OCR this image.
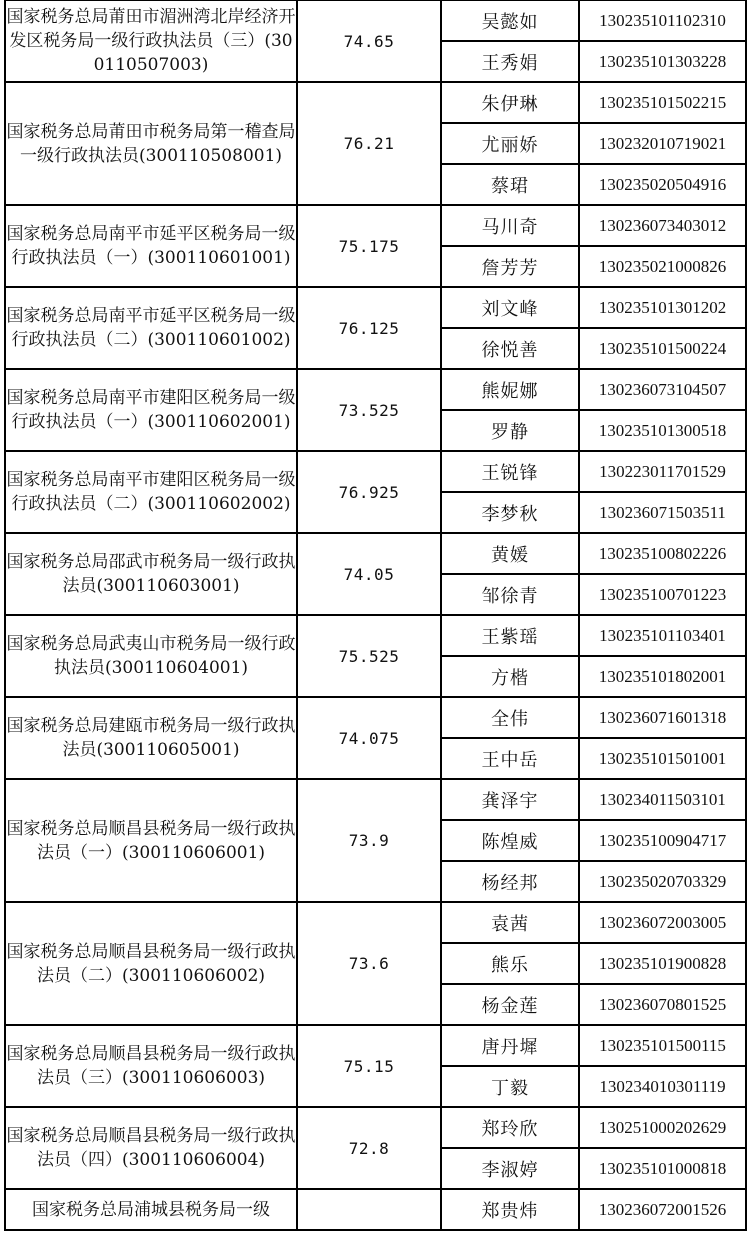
国家税务总局莆田市湄洲湾北岸经济开发区税务局一级行政执法员（三）(300110507003)	74.65	吴懿如	130235101102310
		王秀娟	130235101303228
国家税务总局莆田市税务局第一稽查局一级行政执法员(300110508001)	76.21	朱伊琳	130235101502215
		尤丽娇	130232010719021
		蔡珺	130235020504916
国家税务总局南平市延平区税务局一级行政执法员（一）(300110601001)	75.175	马川奇	130236073403012
		詹芳芳	130235021000826
国家税务总局南平市延平区税务局一级行政执法员（二）(300110601002)	76.125	刘文峰	130235101301202
		徐悦善	130235101500224
国家税务总局南平市建阳区税务局一级行政执法员（一）(300110602001)	73.525	熊妮娜	130236073104507
		罗静	130235101300518
国家税务总局南平市建阳区税务局一级行政执法员（二）(300110602002)	76.925	王锐锋	130223011701529
		李梦秋	130236071503511
国家税务总局邵武市税务局一级行政执法员(300110603001)	74.05	黄媛	130235100802226
		邹徐青	130235100701223
国家税务总局武夷山市税务局一级行政执法员(300110604001)	75.525	王紫瑶	130235101103401
		方楷	130235101802001
国家税务总局建瓯市税务局一级行政执法员(300110605001)	74.075	全伟	130236071601318
		王中岳	130235101501001
国家税务总局顺昌县税务局一级行政执法员（一）(300110606001)	73.9	龚泽宇	130234011503101
		陈煌威	130235100904717
		杨经邦	130235020703329
国家税务总局顺昌县税务局一级行政执法员（二）(300110606002)	73.6	袁茜	130236072003005
		熊乐	130235101900828
		杨金莲	130236070801525
国家税务总局顺昌县税务局一级行政执法员（三）(300110606003)	75.15	唐丹墀	130235101500115
		丁毅	130234010301119
国家税务总局顺昌县税务局一级行政执法员（四）(300110606004)	72.8	郑玲欣	130251000202629
		李淑婷	130235101000818
国家税务总局浦城县税务局一级		郑贵炜	130236072001526
